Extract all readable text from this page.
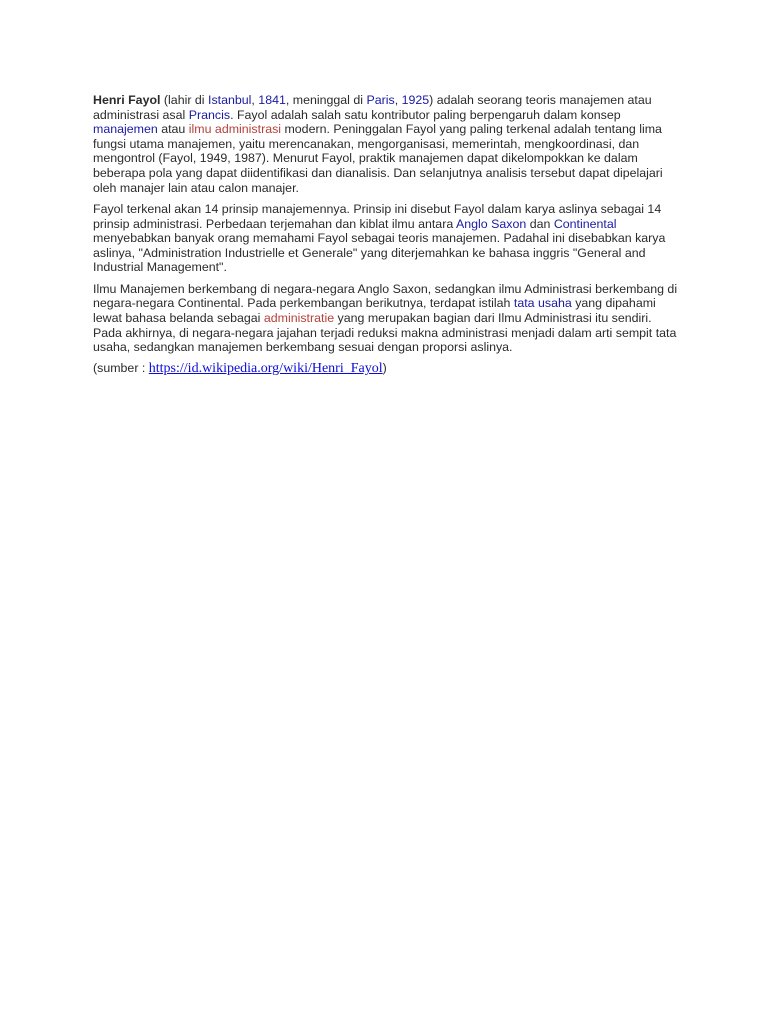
Henri Fayol (lahir di Istanbul, 1841, meninggal di Paris, 1925) adalah seorang teoris manajemen atau administrasi asal Prancis. Fayol adalah salah satu kontributor paling berpengaruh dalam konsep manajemen atau ilmu administrasi modern. Peninggalan Fayol yang paling terkenal adalah tentang lima fungsi utama manajemen, yaitu merencanakan, mengorganisasi, memerintah, mengkoordinasi, dan mengontrol (Fayol, 1949, 1987). Menurut Fayol, praktik manajemen dapat dikelompokkan ke dalam beberapa pola yang dapat diidentifikasi dan dianalisis. Dan selanjutnya analisis tersebut dapat dipelajari oleh manajer lain atau calon manajer.

Fayol terkenal akan 14 prinsip manajemennya. Prinsip ini disebut Fayol dalam karya aslinya sebagai 14 prinsip administrasi. Perbedaan terjemahan dan kiblat ilmu antara Anglo Saxon dan Continental menyebabkan banyak orang memahami Fayol sebagai teoris manajemen. Padahal ini disebabkan karya aslinya, "Administration Industrielle et Generale" yang diterjemahkan ke bahasa inggris "General and Industrial Management".

Ilmu Manajemen berkembang di negara-negara Anglo Saxon, sedangkan ilmu Administrasi berkembang di negara-negara Continental. Pada perkembangan berikutnya, terdapat istilah tata usaha yang dipahami lewat bahasa belanda sebagai administratie yang merupakan bagian dari Ilmu Administrasi itu sendiri. Pada akhirnya, di negara-negara jajahan terjadi reduksi makna administrasi menjadi dalam arti sempit tata usaha, sedangkan manajemen berkembang sesuai dengan proporsi aslinya.

(sumber : https://id.wikipedia.org/wiki/Henri_Fayol)
